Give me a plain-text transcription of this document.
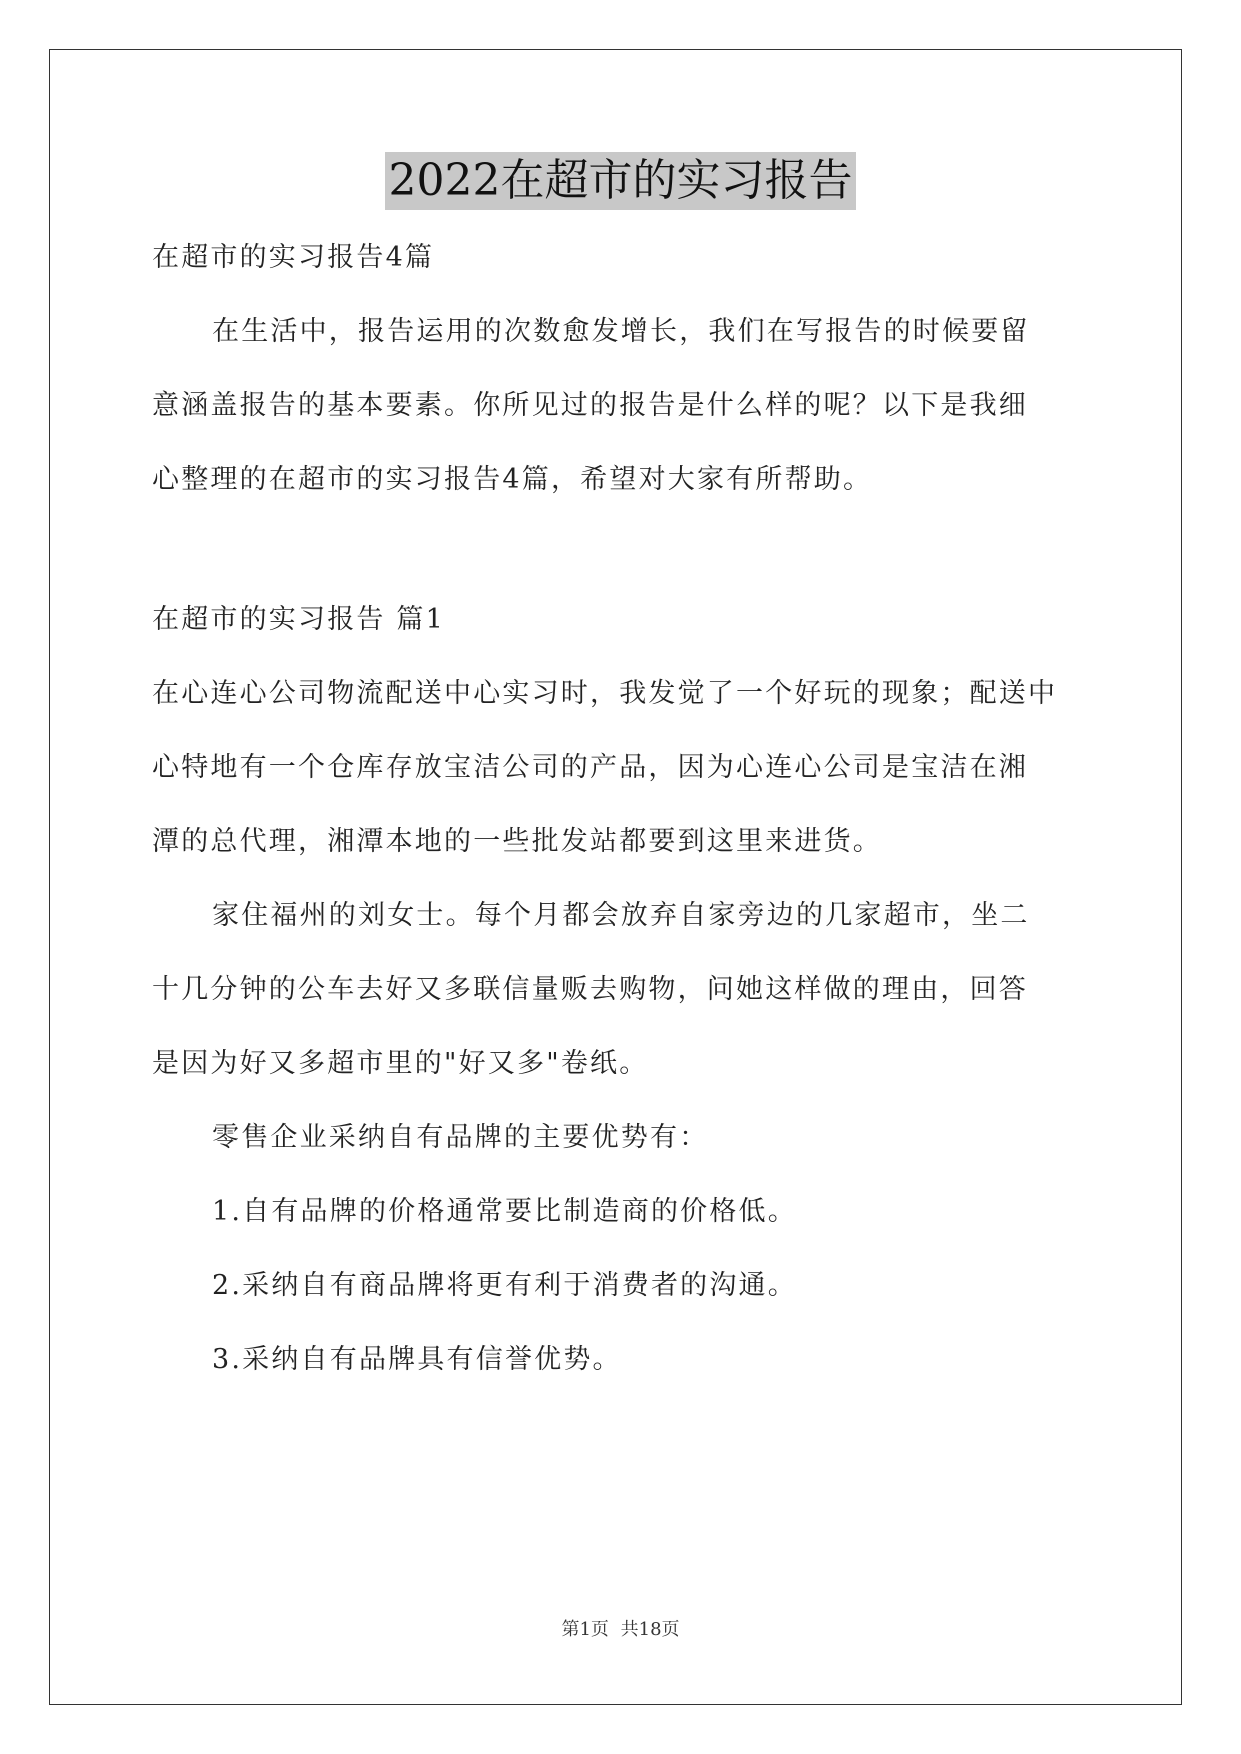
2022在超市的实习报告
在超市的实习报告4篇
在生活中，报告运用的次数愈发增长，我们在写报告的时候要留
意涵盖报告的基本要素。你所见过的报告是什么样的呢？以下是我细
心整理的在超市的实习报告4篇，希望对大家有所帮助。
在超市的实习报告 篇1
在心连心公司物流配送中心实习时，我发觉了一个好玩的现象；配送中
心特地有一个仓库存放宝洁公司的产品，因为心连心公司是宝洁在湘
潭的总代理，湘潭本地的一些批发站都要到这里来进货。
家住福州的刘女士。每个月都会放弃自家旁边的几家超市，坐二
十几分钟的公车去好又多联信量贩去购物，问她这样做的理由，回答
是因为好又多超市里的"好又多"卷纸。
零售企业采纳自有品牌的主要优势有：
1.自有品牌的价格通常要比制造商的价格低。
2.采纳自有商品牌将更有利于消费者的沟通。
3.采纳自有品牌具有信誉优势。
第1页 共18页
